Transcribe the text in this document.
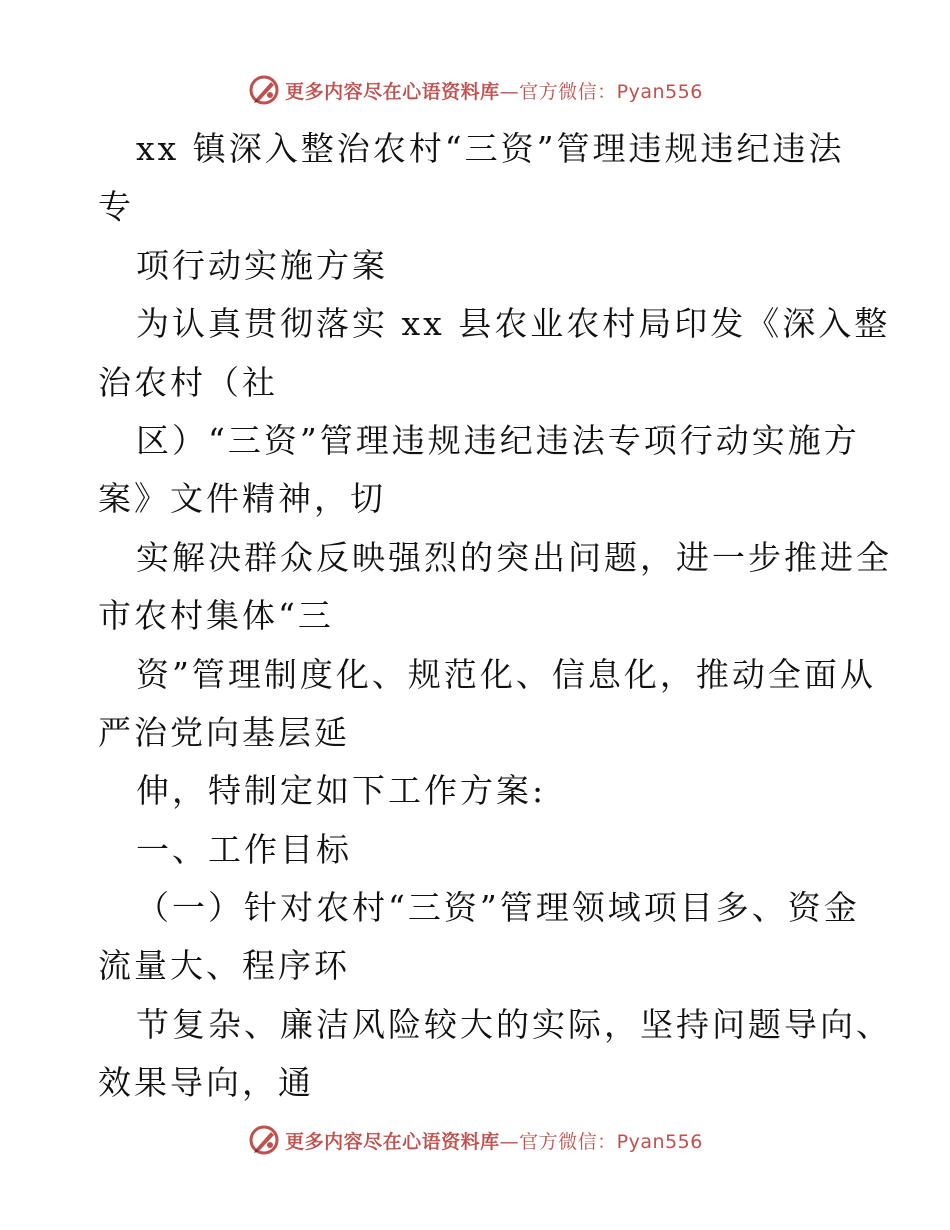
更多内容尽在心语资料库—官方微信：Pyan556
xx 镇深入整治农村“三资”管理违规违纪违法
专
项行动实施方案
为认真贯彻落实 xx 县农业农村局印发《深入整
治农村（社
区）“三资”管理违规违纪违法专项行动实施方
案》文件精神，切
实解决群众反映强烈的突出问题，进一步推进全
市农村集体“三
资”管理制度化、规范化、信息化，推动全面从
严治党向基层延
伸，特制定如下工作方案:
一、工作目标
（一）针对农村“三资”管理领域项目多、资金
流量大、程序环
节复杂、廉洁风险较大的实际，坚持问题导向、
效果导向，通
更多内容尽在心语资料库—官方微信：Pyan556
